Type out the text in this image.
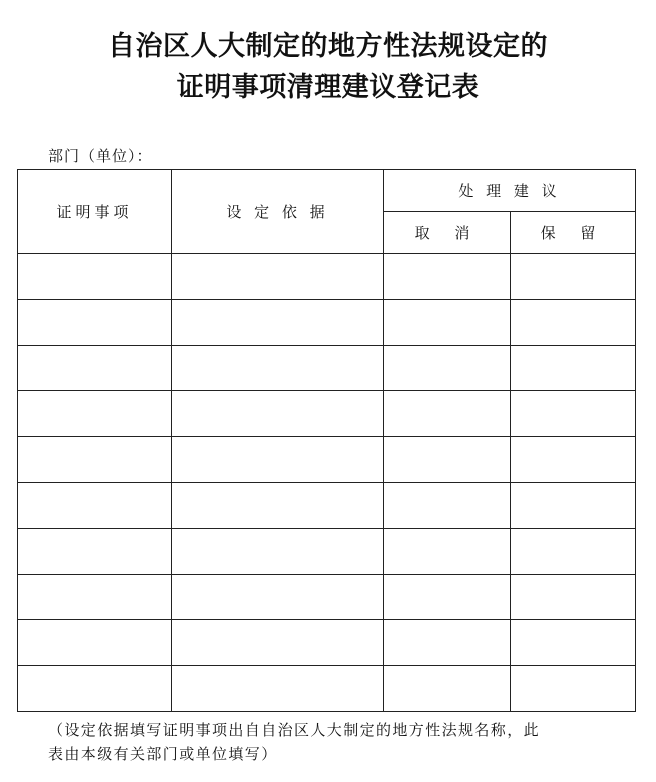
自治区人大制定的地方性法规设定的
证明事项清理建议登记表
部门（单位）：
证明事项	设 定 依 据	处 理 建 议	
		取 消	保 留

（设定依据填写证明事项出自自治区人大制定的地方性法规名称，此
表由本级有关部门或单位填写）
